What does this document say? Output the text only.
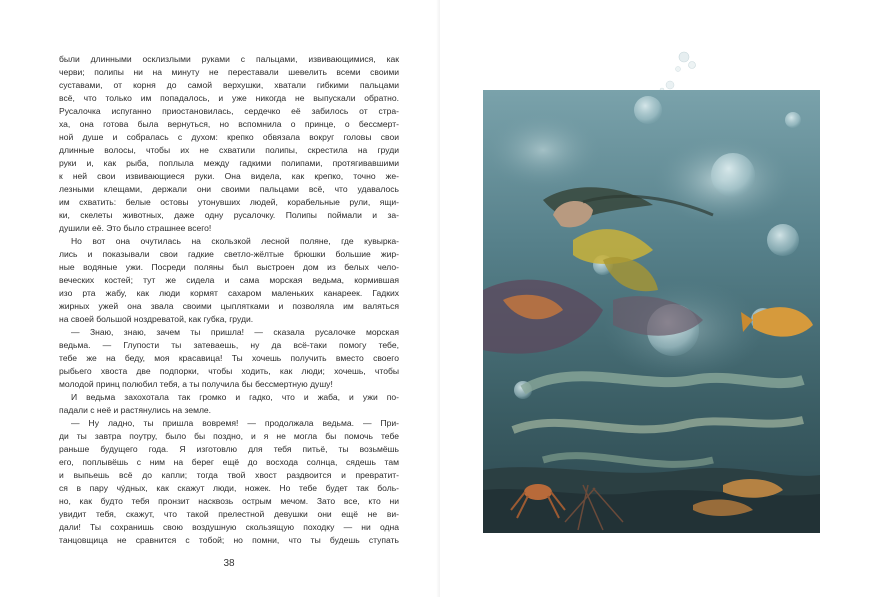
были длинными осклизлыми руками с пальцами, извивающимися, как
черви; полипы ни на минуту не переставали шевелить всеми своими
суставами, от корня до самой верхушки, хватали гибкими пальцами
всё, что только им попадалось, и уже никогда не выпускали обратно.
Русалочка испуганно приостановилась, сердечко её забилось от стра-
ха, она готова была вернуться, но вспомнила о принце, о бессмерт-
ной душе и собралась с духом: крепко обвязала вокруг головы свои
длинные волосы, чтобы их не схватили полипы, скрестила на груди
руки и, как рыба, поплыла между гадкими полипами, протягивавшими
к ней свои извивающиеся руки. Она видела, как крепко, точно же-
лезными клещами, держали они своими пальцами всё, что удавалось
им схватить: белые остовы утонувших людей, корабельные рули, ящи-
ки, скелеты животных, даже одну русалочку. Полипы поймали и за-
душили её. Это было страшнее всего!
Но вот она очутилась на скользкой лесной поляне, где кувыркa-
лись и показывали свои гадкие светло-жёлтые брюшки большие жир-
ные водяные ужи. Посреди поляны был выстроен дом из белых чело-
веческих костей; тут же сидела и сама морская ведьма, кормившая
изо рта жабу, как люди кормят сахаром маленьких канареек. Гадких
жирных ужей она звала своими цыплятками и позволяла им валяться
на своей большой ноздреватой, как губка, груди.
— Знаю, знаю, зачем ты пришла! — сказала русалочке морская
ведьма. — Глупости ты затеваешь, ну да всё-таки помогу тебе,
тебе же на беду, моя красавица! Ты хочешь получить вместо своего
рыбьего хвоста две подпорки, чтобы ходить, как люди; хочешь, чтобы
молодой принц полюбил тебя, а ты получила бы бессмертную душу!
И ведьма захохотала так громко и гадко, что и жаба, и ужи по-
падали с неё и растянулись на земле.
— Ну ладно, ты пришла вовремя! — продолжала ведьма. — При-
ди ты завтра поутру, было бы поздно, и я не могла бы помочь тебе
раньше будущего года. Я изготовлю для тебя питьё, ты возьмёшь
его, поплывёшь с ним на берег ещё до восхода солнца, сядешь там
и выпьешь всё до капли; тогда твой хвост раздвоится и превратит-
ся в пару чýдных, как скажут люди, ножек. Но тебе будет так боль-
но, как будто тебя пронзит насквозь острым мечом. Зато все, кто ни
увидит тебя, скажут, что такой прелестной девушки они ещё не ви-
дали! Ты сохранишь свою воздушную скользящую походку — ни одна
танцовщица не сравнится с тобой; но помни, что ты будешь ступать
38
